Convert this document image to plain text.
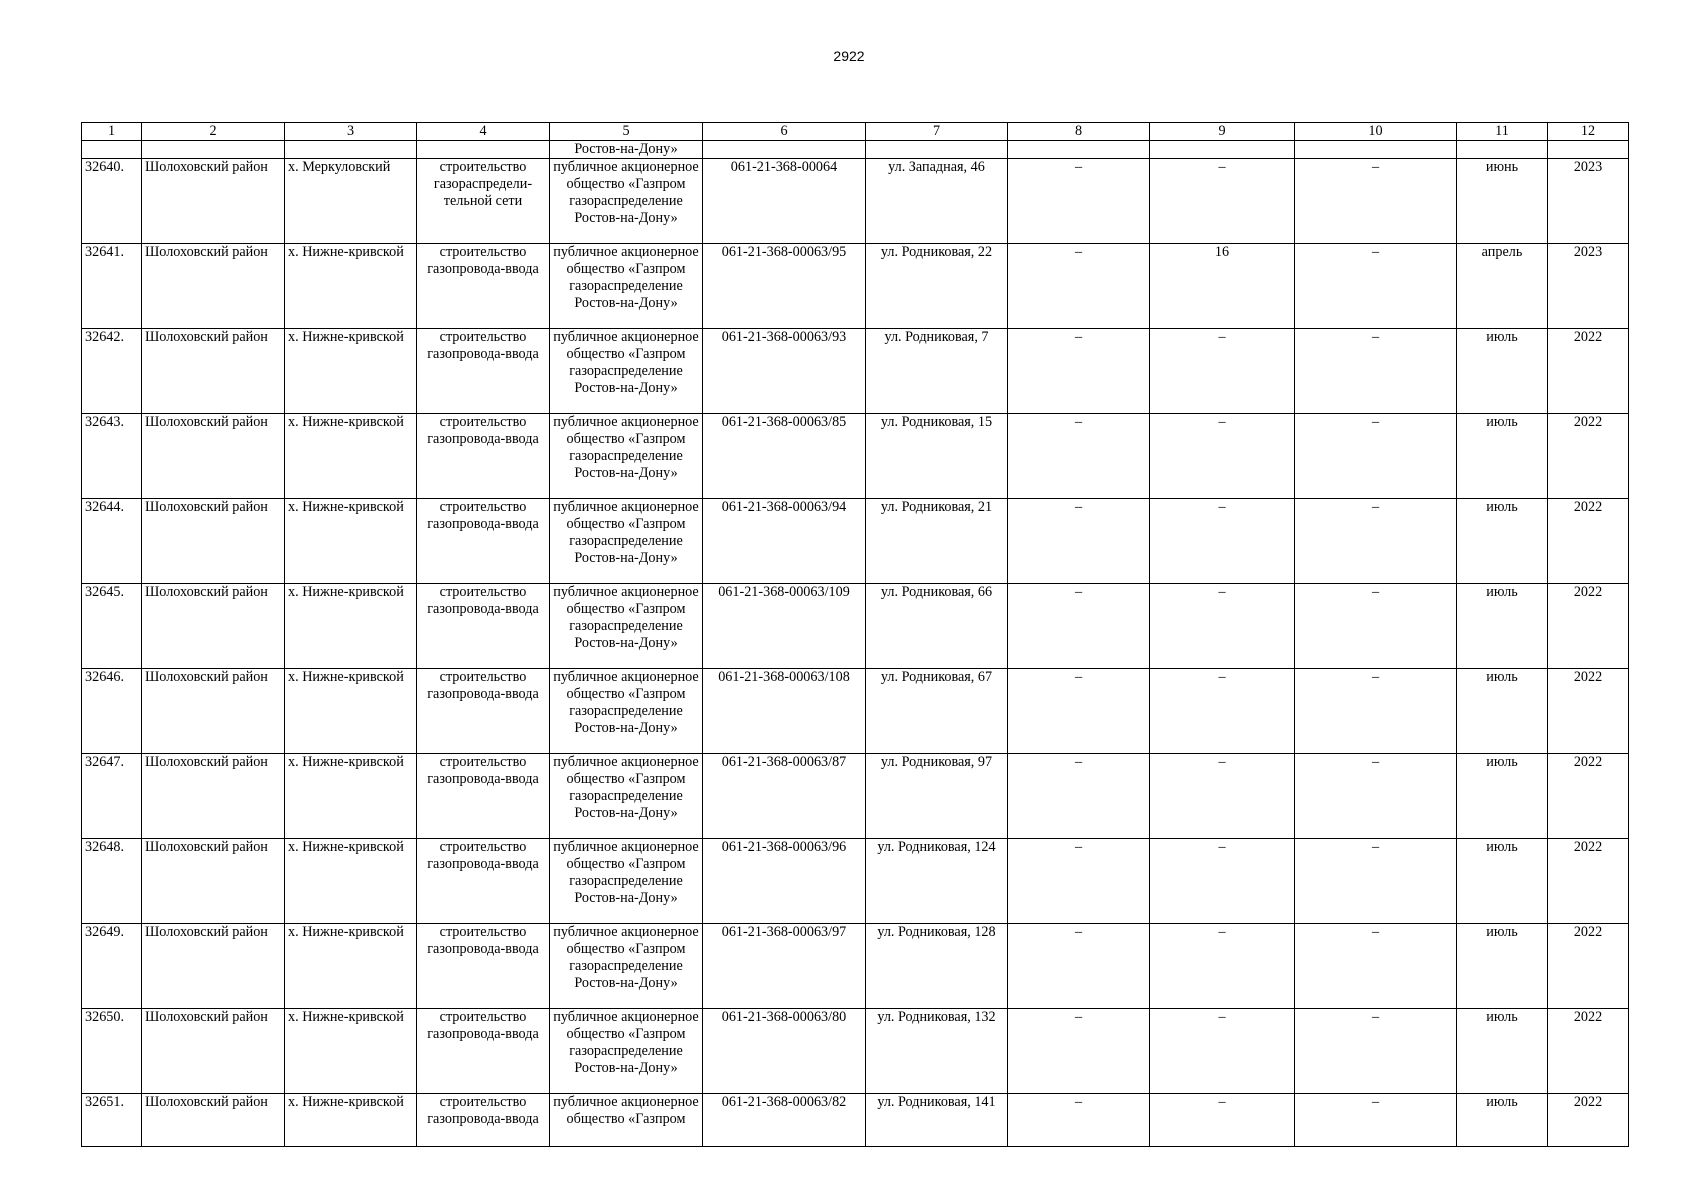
2922
1	2	3	4	5	6	7	8	9	10	11	12
				Ростов-на-Дону»							
32640.	Шолоховский район	х. Меркуловский	строительство газораспредели-тельной сети	публичное акционерное общество «Газпром газораспределение Ростов-на-Дону»	061-21-368-00064	ул. Западная, 46	–	–	–	июнь	2023
32641.	Шолоховский район	х. Нижне-кривской	строительство газопровода-ввода	публичное акционерное общество «Газпром газораспределение Ростов-на-Дону»	061-21-368-00063/95	ул. Родниковая, 22	–	16	–	апрель	2023
32642.	Шолоховский район	х. Нижне-кривской	строительство газопровода-ввода	публичное акционерное общество «Газпром газораспределение Ростов-на-Дону»	061-21-368-00063/93	ул. Родниковая, 7	–	–	–	июль	2022
32643.	Шолоховский район	х. Нижне-кривской	строительство газопровода-ввода	публичное акционерное общество «Газпром газораспределение Ростов-на-Дону»	061-21-368-00063/85	ул. Родниковая, 15	–	–	–	июль	2022
32644.	Шолоховский район	х. Нижне-кривской	строительство газопровода-ввода	публичное акционерное общество «Газпром газораспределение Ростов-на-Дону»	061-21-368-00063/94	ул. Родниковая, 21	–	–	–	июль	2022
32645.	Шолоховский район	х. Нижне-кривской	строительство газопровода-ввода	публичное акционерное общество «Газпром газораспределение Ростов-на-Дону»	061-21-368-00063/109	ул. Родниковая, 66	–	–	–	июль	2022
32646.	Шолоховский район	х. Нижне-кривской	строительство газопровода-ввода	публичное акционерное общество «Газпром газораспределение Ростов-на-Дону»	061-21-368-00063/108	ул. Родниковая, 67	–	–	–	июль	2022
32647.	Шолоховский район	х. Нижне-кривской	строительство газопровода-ввода	публичное акционерное общество «Газпром газораспределение Ростов-на-Дону»	061-21-368-00063/87	ул. Родниковая, 97	–	–	–	июль	2022
32648.	Шолоховский район	х. Нижне-кривской	строительство газопровода-ввода	публичное акционерное общество «Газпром газораспределение Ростов-на-Дону»	061-21-368-00063/96	ул. Родниковая, 124	–	–	–	июль	2022
32649.	Шолоховский район	х. Нижне-кривской	строительство газопровода-ввода	публичное акционерное общество «Газпром газораспределение Ростов-на-Дону»	061-21-368-00063/97	ул. Родниковая, 128	–	–	–	июль	2022
32650.	Шолоховский район	х. Нижне-кривской	строительство газопровода-ввода	публичное акционерное общество «Газпром газораспределение Ростов-на-Дону»	061-21-368-00063/80	ул. Родниковая, 132	–	–	–	июль	2022
32651.	Шолоховский район	х. Нижне-кривской	строительство газопровода-ввода	публичное акционерное общество «Газпром	061-21-368-00063/82	ул. Родниковая, 141	–	–	–	июль	2022
